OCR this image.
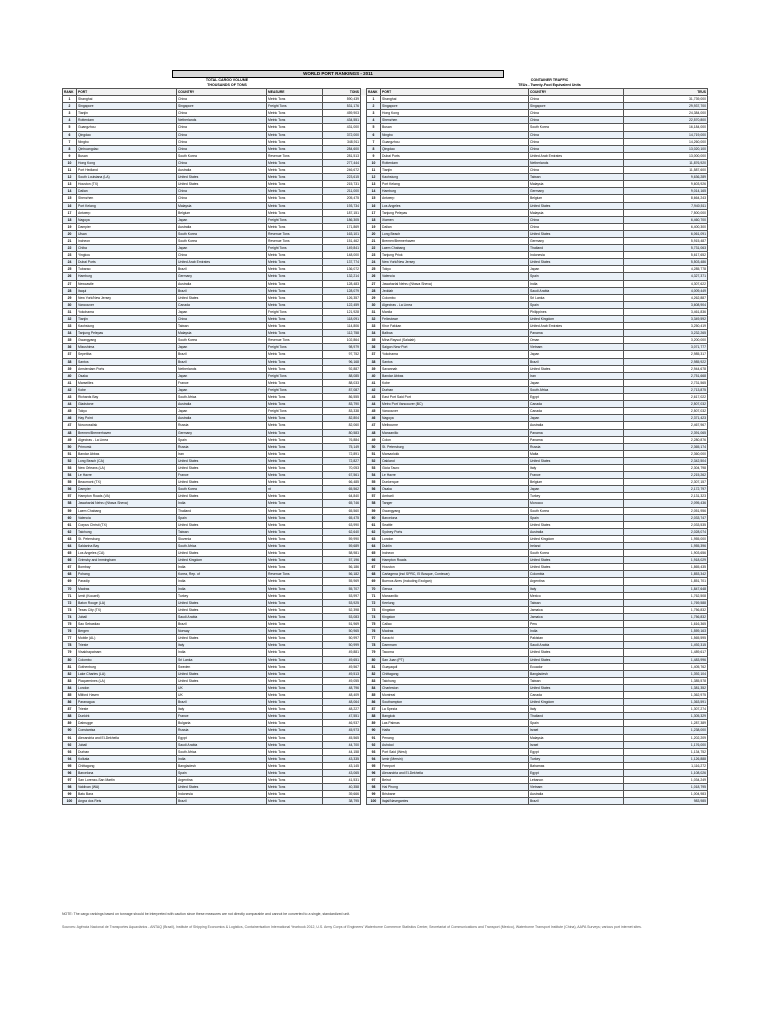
WORLD PORT RANKINGS - 2011
TOTAL CARGO VOLUME	CONTAINER TRAFFIC
THOUSANDS OF TONS	TEUs - Twenty-Foot Equivalent Units
RANK	PORT	COUNTRY	MEASURE	TONS		RANK	PORT	COUNTRY	TEUS
1	Shanghai	China	Metric Tons	590,439		1	Shanghai	China	31,739,000
2	Singapore	Singapore	Freight Tons	531,176		2	Singapore	Singapore	29,937,700
3	Tianjin	China	Metric Tons	459,903		3	Hong Kong	China	24,384,000
4	Rotterdam	Netherlands	Metric Tons	434,551		4	Shenzhen	China	22,570,800
5	Guangzhou	China	Metric Tons	431,000		5	Busan	South Korea	16,184,000
6	Qingdao	China	Metric Tons	372,000		6	Ningbo	China	14,719,000
7	Ningbo	China	Metric Tons	348,911		7	Guangzhou	China	14,260,000
8	Qinhuangdao	China	Metric Tons	284,600		8	Qingdao	China	13,020,100
9	Busan	South Korea	Revenue Tons	281,513		9	Dubai Ports	United Arab Emirates	13,000,000
10	Hong Kong	China	Metric Tons	277,444		10	Rotterdam	Netherlands	11,876,920
11	Port Hedland	Australia	Metric Tons	246,672		11	Tianjin	China	11,587,600
12	South Louisiana (LA)	United States	Metric Tons	223,615		12	Kaohsiung	Taiwan	9,636,289
13	Houston (TX)	United States	Metric Tons	215,731		13	Port Kelang	Malaysia	9,603,926
14	Dalian	China	Metric Tons	211,000		14	Hamburg	Germany	9,014,165
15	Shenzhen	China	Metric Tons	205,475		15	Antwerp	Belgium	8,664,243
16	Port Kelang	Malaysia	Metric Tons	193,734		16	Los Angeles	United States	7,940,511
17	Antwerp	Belgium	Metric Tons	187,151		17	Tanjung Pelepas	Malaysia	7,500,000
18	Nagoya	Japan	Freight Tons	186,305		18	Xiamen	China	6,460,700
19	Dampier	Australia	Metric Tons	171,869		19	Dalian	China	6,400,300
20	Ulsan	South Korea	Revenue Tons	163,101		20	Long Beach	United States	6,061,091
21	Incheon	South Korea	Revenue Tons	151,462		21	Bremen/Bremerhaven	Germany	5,915,487
22	Chiba	Japan	Freight Tons	149,841		22	Laem Chabang	Thailand	5,731,063
23	Yingkou	China	Metric Tons	148,000		23	Tanjung Priok	Indonesia	5,617,652
24	Dubai Ports	United Arab Emirates	Metric Tons	137,774		24	New York/New Jersey	United States	5,503,486
25	Tubarao	Brazil	Metric Tons	136,072		25	Tokyo	Japan	4,285,778
26	Hamburg	Germany	Metric Tons	132,214		26	Valencia	Spain	4,327,371
27	Newcastle	Australia	Metric Tons	128,483		27	Jawaharlal Nehru (Nhava Sheva)	India	4,307,622
28	Itaqui	Brazil	Metric Tons	128,079		28	Jeddah	Saudi Arabia	4,009,449
29	New York/New Jersey	United States	Metric Tons	126,357		29	Colombo	Sri Lanka	4,262,887
30	Vancouver	Canada	Metric Tons	122,459		30	Algeciras - La Linea	Spain	3,608,904
31	Yokohama	Japan	Freight Tons	121,928		31	Manila	Philippines	3,461,836
32	Tianjin	China	Metric Tons	118,091		32	Felixstowe	United Kingdom	3,349,592
33	Kaohsiung	Taiwan	Metric Tons	114,806		33	Khor Fakkan	United Arab Emirates	3,250,419
34	Tanjung Pelepas	Malaysia	Metric Tons	112,758		34	Balboa	Panama	3,232,265
35	Gwangyang	South Korea	Revenue Tons	102,864		35	Mina Raysut (Salalah)	Oman	3,200,000
36	Mizushima	Japan	Freight Tons	98,979		36	Saigon New Port	Vietnam	3,071,777
37	Sepetiba	Brazil	Metric Tons	97,752		37	Yokohama	Japan	2,985,317
38	Santos	Brazil	Metric Tons	96,168		38	Santos	Brazil	2,985,922
39	Amsterdam Ports	Netherlands	Metric Tons	92,887		39	Savannah	United States	2,944,678
40	Osaka	Japan	Freight Tons	88,085		40	Bandar Abbas	Iran	2,751,668
41	Marseilles	France	Metric Tons	88,033		41	Kobe	Japan	2,731,565
42	Kobe	Japan	Freight Tons	87,087		42	Durban	South Africa	2,713,875
43	Richards Bay	South Africa	Metric Tons	86,555		43	East Port Said Port	Egypt	2,617,022
44	Gladstone	Australia	Metric Tons	83,790		44	Metro Port Vancouver (BC)	Canada	2,507,032
45	Tokyo	Japan	Freight Tons	83,338		45	Vancouver	Canada	2,507,032
46	Hay Point	Australia	Metric Tons	82,804		46	Nagoya	Japan	2,371,423
47	Novorossiisk	Russia	Metric Tons	82,060		47	Melbourne	Australia	2,467,967
48	Bremen/Bremerhaven	Germany	Metric Tons	80,583		48	Manzanillo	Panama	2,391,065
49	Algeciras - La Linea	Spain	Metric Tons	76,884		49	Colon	Panama	2,280,876
50	Primorsk	Russia	Metric Tons	75,149		50	St. Petersburg	Russia	2,365,174
51	Bandar Abbas	Iran	Metric Tons	72,891		51	Marsaxlokk	Malta	2,360,000
52	Long Beach (CA)	United States	Metric Tons	72,827		52	Oakland	United States	2,342,504
53	New Orleans (LA)	United States	Metric Tons	70,053		53	Gioia Tauro	Italy	2,304,798
54	Le Havre	France	Metric Tons	67,561		54	Le Havre	France	2,215,262
55	Beaumont (TX)	United States	Metric Tons	66,485		55	Dunkerque	Belgium	2,307,157
56	Dampier	South Korea	nt	65,562		56	Osaka	Japan	2,172,797
57	Hampton Roads (VA)	United States	Metric Tons	64,840		57	Ambarli	Turkey	2,131,323
58	Jawaharlal Nehru (Nhava Sheva)	India	Metric Tons	65,746		58	Tanger	Morocco	2,095,436
59	Laem Chabang	Thailand	Metric Tons	65,560		59	Gwangyang	South Korea	2,051,956
60	Valencia	Spain	Metric Tons	65,475		60	Barcelona	Spain	2,033,747
61	Corpus Christi (TX)	United States	Metric Tons	63,990		61	Seattle	United States	2,033,535
62	Taichung	Taiwan	Metric Tons	62,640		62	Sydney Ports	Australia	2,028,074
63	St. Petersburg	Slovenia	Metric Tons	59,990		63	London	United Kingdom	1,955,000
64	Saldanha Bay	South Africa	Metric Tons	59,689		64	Dublin	Ireland	1,955,396
65	Los Angeles (CA)	United States	Metric Tons	58,981		65	Incheon	South Korea	1,903,656
66	Grimsby and Immingham	United Kingdom	Metric Tons	57,196		66	Hampton Roads	United States	1,918,029
67	Bombay	India	Metric Tons	56,186		67	Houston	United States	1,865,435
68	Pohang	Korea, Rep. of	Revenue Tons	56,182		68	Cartagena (incl SPRC, El Bosque, Contecar)	Colombia	1,853,342
69	Paradip	India	Metric Tons	55,969		69	Buenos Aires (including Exolgan)	Argentina	1,851,701
70	Madras	India	Metric Tons	55,707		70	Genoa	Italy	1,847,648
71	Izmit (Kocaeli)	Turkey	Metric Tons	53,997		71	Manzanillo	Mexico	1,762,508
72	Baton Rouge (LA)	United States	Metric Tons	53,925		72	Keelung	Taiwan	1,769,588
73	Texas City (TX)	United States	Metric Tons	52,398		73	Kingston	Jamaica	1,756,832
74	Jubail	Saudi Arabia	Metric Tons	53,083		74	Kingston	Jamaica	1,756,832
75	Sao Sebastiao	Brazil	Metric Tons	51,969		75	Callao	Peru	1,616,365
76	Bergen	Norway	Metric Tons	50,965		76	Madras	India	1,559,163
77	Mobile (AL)	United States	Metric Tons	50,997		77	Karachi	Pakistan	1,565,595
78	Trieste	Italy	Metric Tons	50,999		78	Dammam	Saudi Arabia	1,492,315
79	Visakhapatnam	India	Metric Tons	49,881		79	Tacoma	United States	1,489,617
80	Colombo	Sri Lanka	Metric Tons	49,651		80	San Juan (PT)	United States	1,483,996
81	Gothenburg	Sweden	Metric Tons	49,567		81	Guayaquil	Ecuador	1,405,762
82	Lake Charles (LA)	United States	Metric Tons	49,513		82	Chittagong	Bangladesh	1,392,104
83	Plaquemines (LA)	United States	Metric Tons	49,055		83	Taichung	Taiwan	1,385,578
84	London	UK	Metric Tons	48,796		84	Charleston	United States	1,381,352
85	Milford Haven	UK	Metric Tons	48,409		85	Montreal	Canada	1,362,975
86	Paranagua	Brazil	Metric Tons	48,064		86	Southampton	United Kingdom	1,363,591
87	Trieste	Italy	Metric Tons	48,227		87	La Spezia	Italy	1,307,274
88	Dunkirk	France	Metric Tons	47,551		88	Bangkok	Thailand	1,305,329
89	Dabrugge	Bulgaria	Metric Tons	46,937		89	Las Palmas	Spain	1,287,389
90	Constantsa	Russia	Metric Tons	45,973		90	Haifa	Israel	1,238,000
91	Alexandria and El-Dekheila	Egypt	Metric Tons	45,565		91	Penang	Malaysia	1,202,209
92	Jubail	Saudi Arabia	Metric Tons	44,700		92	Ashdod	Israel	1,176,000
93	Durban	South Africa	Metric Tons	44,158		93	Port Said (West)	Egypt	1,134,752
94	Kolkata	India	Metric Tons	43,335		94	Izmir (Mersin)	Turkey	1,126,888
95	Chittagong	Bangladesh	Metric Tons	43,145		95	Freeport	Bahamas	1,116,272
96	Barcelona	Spain	Metric Tons	43,065		96	Alexandria and El-Dekheila	Egypt	1,108,026
97	San Lorenzo-San Martin	Argentina	Metric Tons	41,531		97	Beirut	Lebanon	1,034,249
98	Valdivan (WA)	United States	Metric Tons	40,358		98	Hai Phong	Vietnam	1,018,795
99	Batu Bara	Indonesia	Metric Tons	39,666		99	Brisbane	Australia	1,004,983
100	Angra dos Reis	Brazil	Metric Tons	38,795		100	Itajai/Navegantes	Brazil	983,985
NOTE: The cargo rankings based on tonnage should be interpreted with caution since these measures are not directly comparable and cannot be converted to a single, standardized unit.
Sources: Agência Nacional de Transportes Aquaviários - ANTAQ (Brazil), Institute of Shipping Economics & Logistics, Containerisation International Yearbook 2012, U.S. Army Corps of Engineers' Waterborne Commerce Statistics Center, Secretariat of Communications and Transport (Mexico), Waterborne Transport Institute (China), AAPA Surveys; various port internet sites.
